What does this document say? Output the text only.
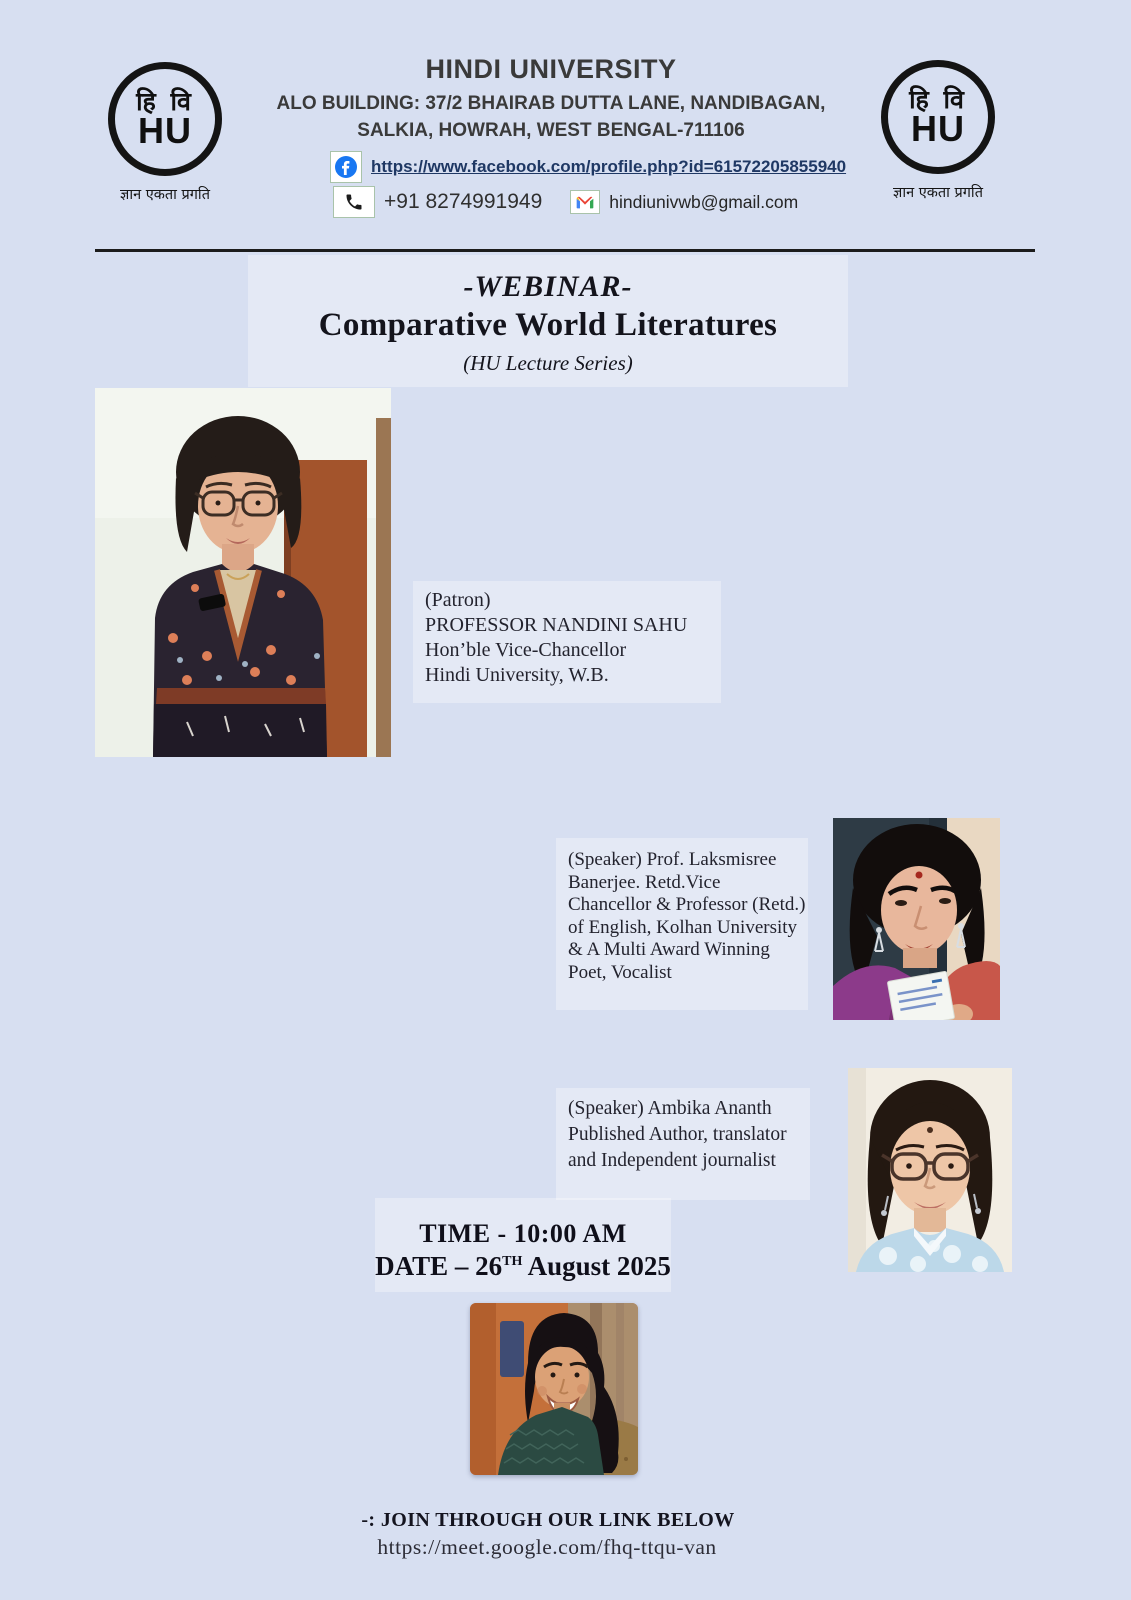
हि वि
HU
ज्ञान एकता प्रगति
HINDI UNIVERSITY
ALO BUILDING: 37/2 BHAIRAB DUTTA LANE, NANDIBAGAN,
SALKIA, HOWRAH, WEST BENGAL-711106
https://www.facebook.com/profile.php?id=61572205855940
+91 8274991949	hindiunivwb@gmail.com
हि वि
HU
ज्ञान एकता प्रगति
-WEBINAR-
Comparative World Literatures
(HU Lecture Series)
(Patron)
PROFESSOR NANDINI SAHU
Hon’ble Vice-Chancellor
Hindi University, W.B.
(Speaker) Prof. Laksmisree Banerjee. Retd.Vice Chancellor & Professor (Retd.) of English, Kolhan University & A Multi Award Winning Poet, Vocalist
(Speaker) Ambika Ananth Published Author, translator and Independent journalist
TIME - 10:00 AM
DATE – 26TH August 2025
-: JOIN THROUGH OUR LINK BELOW
https://meet.google.com/fhq-ttqu-van
